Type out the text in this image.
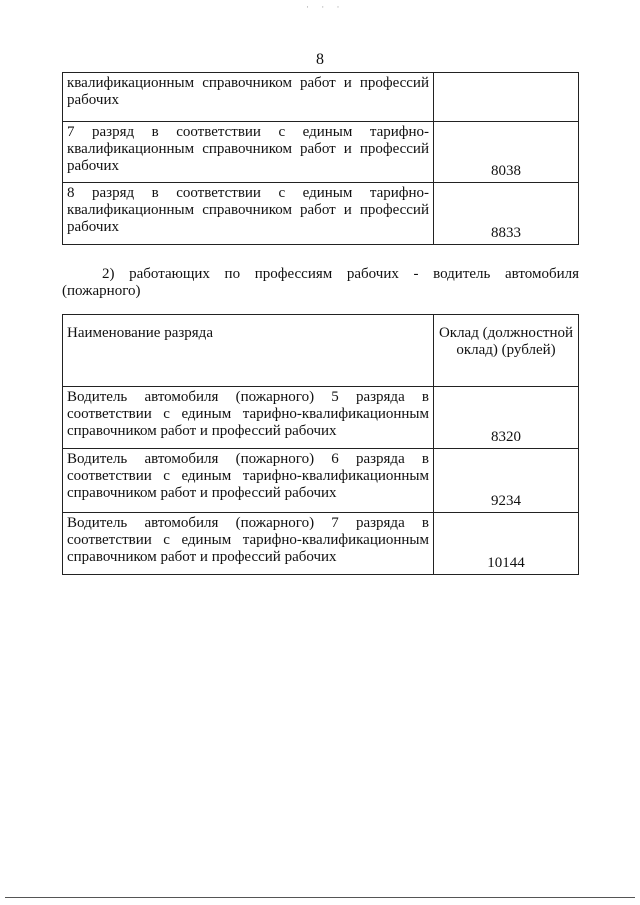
· · ·
8
квалификационным справочником работ и профессий рабочих	
7 разряд в соответствии с единым тарифно-квалификационным справочником работ и профессий рабочих	8038
8 разряд в соответствии с единым тарифно-квалификационным справочником работ и профессий рабочих	8833
2) работающих по профессиям рабочих - водитель автомобиля (пожарного)
Наименование разряда	Оклад (должностной оклад) (рублей)
Водитель автомобиля (пожарного) 5 разряда в соответствии с единым тарифно-квалификационным справочником работ и профессий рабочих	8320
Водитель автомобиля (пожарного) 6 разряда в соответствии с единым тарифно-квалификационным справочником работ и профессий рабочих	9234
Водитель автомобиля (пожарного) 7 разряда в соответствии с единым тарифно-квалификационным справочником работ и профессий рабочих	10144
